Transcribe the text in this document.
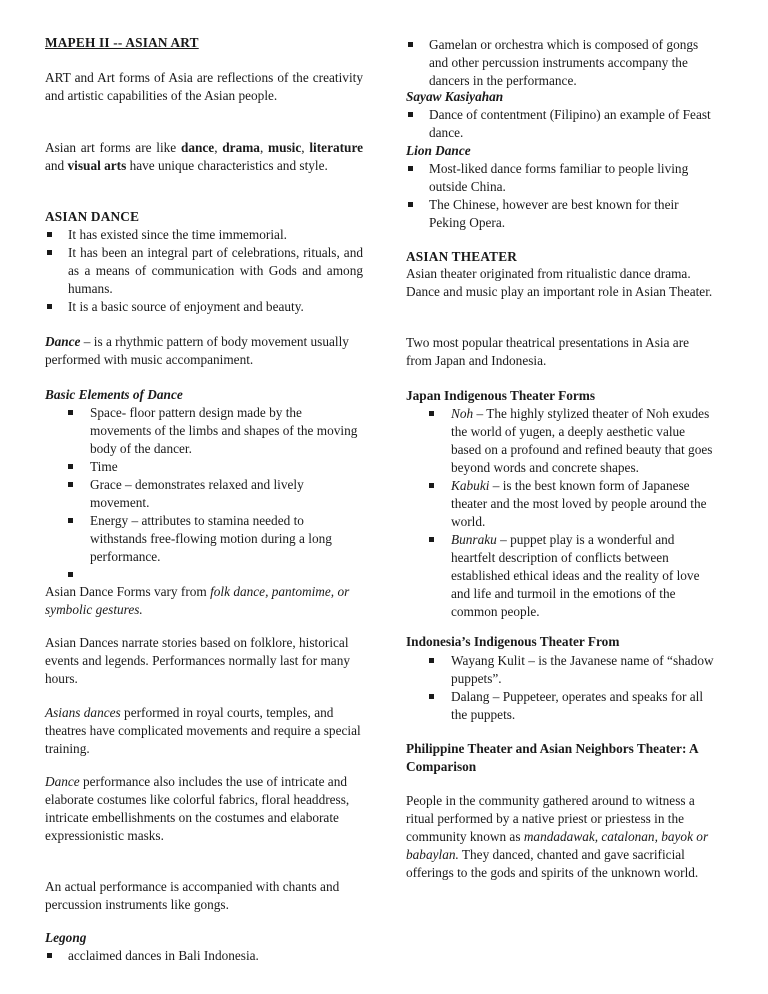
MAPEH II -- ASIAN ART

ART and Art forms of Asia are reflections of the creativity and artistic capabilities of the Asian people.

Asian art forms are like dance, drama, music, literature and visual arts have unique characteristics and style.

ASIAN DANCE

It has existed since the time immemorial.
It has been an integral part of celebrations, rituals, and as a means of communication with Gods and among humans.
It is a basic source of enjoyment and beauty.

Dance – is a rhythmic pattern of body movement usually performed with music accompaniment.

Basic Elements of Dance

Space- floor pattern design made by the movements of the limbs and shapes of the moving body of the dancer.
Time
Grace – demonstrates relaxed and lively movement.
Energy – attributes to stamina needed to withstands free-flowing motion during a long performance.

Asian Dance Forms vary from folk dance, pantomime, or symbolic gestures.

Asian Dances narrate stories based on folklore, historical events and legends. Performances normally last for many hours.

Asians dances performed in royal courts, temples, and theatres have complicated movements and require a special training.

Dance performance also includes the use of intricate and elaborate costumes like colorful fabrics, floral headdress, intricate embellishments on the costumes and elaborate expressionistic masks.

An actual performance is accompanied with chants and percussion instruments like gongs.

Legong

acclaimed dances in Bali Indonesia.
Gamelan or orchestra which is composed of gongs and other percussion instruments accompany the dancers in the performance.

Sayaw Kasiyahan

Dance of contentment (Filipino) an example of Feast dance.

Lion Dance

Most-liked dance forms familiar to people living outside China.
The Chinese, however are best known for their Peking Opera.

ASIAN THEATER

Asian theater originated from ritualistic dance drama. Dance and music play an important role in Asian Theater.

Two most popular theatrical presentations in Asia are from Japan and Indonesia.

Japan Indigenous Theater Forms

Noh – The highly stylized theater of Noh exudes the world of yugen, a deeply aesthetic value based on a profound and refined beauty that goes beyond words and concrete shapes.
Kabuki – is the best known form of Japanese theater and the most loved by people around the world.
Bunraku – puppet play is a wonderful and heartfelt description of conflicts between established ethical ideas and the reality of love and life and turmoil in the emotions of the common people.

Indonesia’s Indigenous Theater From

Wayang Kulit – is the Javanese name of “shadow puppets”.
Dalang – Puppeteer, operates and speaks for all the puppets.

Philippine Theater and Asian Neighbors Theater: A Comparison

People in the community gathered around to witness a ritual performed by a native priest or priestess in the community known as mandadawak, catalonan, bayok or babaylan. They danced, chanted and gave sacrificial offerings to the gods and spirits of the unknown world.
